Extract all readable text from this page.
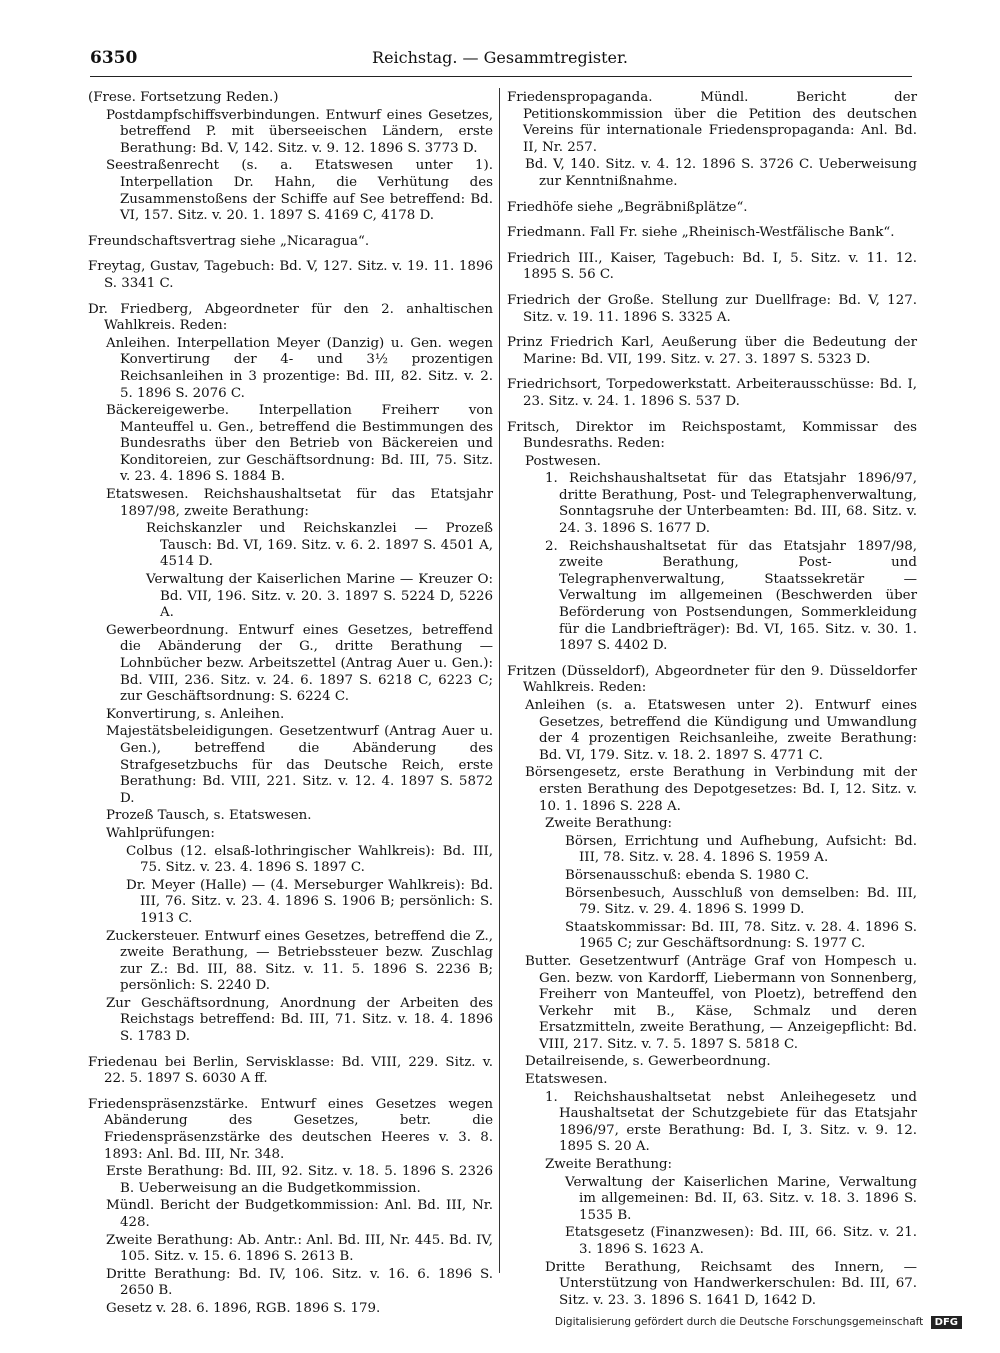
6350	Reichstag. — Gesammtregister.

(Frese. Fortsetzung Reden.)

Postdampfschiffsverbindungen. Entwurf eines Gesetzes, betreffend P. mit überseeischen Ländern, erste Berathung: Bd. V, 142. Sitz. v. 9. 12. 1896 S. 3773 D.

Seestraßenrecht (s. a. Etatswesen unter 1). Interpellation Dr. Hahn, die Verhütung des Zusammenstoßens der Schiffe auf See betreffend: Bd. VI, 157. Sitz. v. 20. 1. 1897 S. 4169 C, 4178 D.

Freundschaftsvertrag siehe „Nicaragua“.

Freytag, Gustav, Tagebuch: Bd. V, 127. Sitz. v. 19. 11. 1896 S. 3341 C.

Dr. Friedberg, Abgeordneter für den 2. anhaltischen Wahlkreis. Reden:

Anleihen. Interpellation Meyer (Danzig) u. Gen. wegen Konvertirung der 4- und 3½ prozentigen Reichsanleihen in 3 prozentige: Bd. III, 82. Sitz. v. 2. 5. 1896 S. 2076 C.

Bäckereigewerbe. Interpellation Freiherr von Manteuffel u. Gen., betreffend die Bestimmungen des Bundesraths über den Betrieb von Bäckereien und Konditoreien, zur Geschäftsordnung: Bd. III, 75. Sitz. v. 23. 4. 1896 S. 1884 B.

Etatswesen. Reichshaushaltsetat für das Etatsjahr 1897/98, zweite Berathung:

Reichskanzler und Reichskanzlei — Prozeß Tausch: Bd. VI, 169. Sitz. v. 6. 2. 1897 S. 4501 A, 4514 D.

Verwaltung der Kaiserlichen Marine — Kreuzer O: Bd. VII, 196. Sitz. v. 20. 3. 1897 S. 5224 D, 5226 A.

Gewerbeordnung. Entwurf eines Gesetzes, betreffend die Abänderung der G., dritte Berathung — Lohnbücher bezw. Arbeitszettel (Antrag Auer u. Gen.): Bd. VIII, 236. Sitz. v. 24. 6. 1897 S. 6218 C, 6223 C; zur Geschäftsordnung: S. 6224 C.

Konvertirung, s. Anleihen.

Majestätsbeleidigungen. Gesetzentwurf (Antrag Auer u. Gen.), betreffend die Abänderung des Strafgesetzbuchs für das Deutsche Reich, erste Berathung: Bd. VIII, 221. Sitz. v. 12. 4. 1897 S. 5872 D.

Prozeß Tausch, s. Etatswesen.

Wahlprüfungen:

Colbus (12. elsaß-lothringischer Wahlkreis): Bd. III, 75. Sitz. v. 23. 4. 1896 S. 1897 C.

Dr. Meyer (Halle) — (4. Merseburger Wahlkreis): Bd. III, 76. Sitz. v. 23. 4. 1896 S. 1906 B; persönlich: S. 1913 C.

Zuckersteuer. Entwurf eines Gesetzes, betreffend die Z., zweite Berathung, — Betriebssteuer bezw. Zuschlag zur Z.: Bd. III, 88. Sitz. v. 11. 5. 1896 S. 2236 B; persönlich: S. 2240 D.

Zur Geschäftsordnung, Anordnung der Arbeiten des Reichstags betreffend: Bd. III, 71. Sitz. v. 18. 4. 1896 S. 1783 D.

Friedenau bei Berlin, Servisklasse: Bd. VIII, 229. Sitz. v. 22. 5. 1897 S. 6030 A ff.

Friedenspräsenzstärke. Entwurf eines Gesetzes wegen Abänderung des Gesetzes, betr. die Friedenspräsenzstärke des deutschen Heeres v. 3. 8. 1893: Anl. Bd. III, Nr. 348.

Erste Berathung: Bd. III, 92. Sitz. v. 18. 5. 1896 S. 2326 B. Ueberweisung an die Budgetkommission.

Mündl. Bericht der Budgetkommission: Anl. Bd. III, Nr. 428.

Zweite Berathung: Ab. Antr.: Anl. Bd. III, Nr. 445. Bd. IV, 105. Sitz. v. 15. 6. 1896 S. 2613 B.

Dritte Berathung: Bd. IV, 106. Sitz. v. 16. 6. 1896 S. 2650 B.

Gesetz v. 28. 6. 1896, RGB. 1896 S. 179.

Friedenspropaganda. Mündl. Bericht der Petitionskommission über die Petition des deutschen Vereins für internationale Friedenspropaganda: Anl. Bd. II, Nr. 257.

Bd. V, 140. Sitz. v. 4. 12. 1896 S. 3726 C. Ueberweisung zur Kenntnißnahme.

Friedhöfe siehe „Begräbnißplätze“.

Friedmann. Fall Fr. siehe „Rheinisch-Westfälische Bank“.

Friedrich III., Kaiser, Tagebuch: Bd. I, 5. Sitz. v. 11. 12. 1895 S. 56 C.

Friedrich der Große. Stellung zur Duellfrage: Bd. V, 127. Sitz. v. 19. 11. 1896 S. 3325 A.

Prinz Friedrich Karl, Aeußerung über die Bedeutung der Marine: Bd. VII, 199. Sitz. v. 27. 3. 1897 S. 5323 D.

Friedrichsort, Torpedowerkstatt. Arbeiterausschüsse: Bd. I, 23. Sitz. v. 24. 1. 1896 S. 537 D.

Fritsch, Direktor im Reichspostamt, Kommissar des Bundesraths. Reden:

Postwesen.

1. Reichshaushaltsetat für das Etatsjahr 1896/97, dritte Berathung, Post- und Telegraphenverwaltung, Sonntagsruhe der Unterbeamten: Bd. III, 68. Sitz. v. 24. 3. 1896 S. 1677 D.

2. Reichshaushaltsetat für das Etatsjahr 1897/98, zweite Berathung, Post- und Telegraphenverwaltung, Staatssekretär — Verwaltung im allgemeinen (Beschwerden über Beförderung von Postsendungen, Sommerkleidung für die Landbriefträger): Bd. VI, 165. Sitz. v. 30. 1. 1897 S. 4402 D.

Fritzen (Düsseldorf), Abgeordneter für den 9. Düsseldorfer Wahlkreis. Reden:

Anleihen (s. a. Etatswesen unter 2). Entwurf eines Gesetzes, betreffend die Kündigung und Umwandlung der 4 prozentigen Reichsanleihe, zweite Berathung: Bd. VI, 179. Sitz. v. 18. 2. 1897 S. 4771 C.

Börsengesetz, erste Berathung in Verbindung mit der ersten Berathung des Depotgesetzes: Bd. I, 12. Sitz. v. 10. 1. 1896 S. 228 A.

Zweite Berathung:

Börsen, Errichtung und Aufhebung, Aufsicht: Bd. III, 78. Sitz. v. 28. 4. 1896 S. 1959 A.

Börsenausschuß: ebenda S. 1980 C.

Börsenbesuch, Ausschluß von demselben: Bd. III, 79. Sitz. v. 29. 4. 1896 S. 1999 D.

Staatskommissar: Bd. III, 78. Sitz. v. 28. 4. 1896 S. 1965 C; zur Geschäftsordnung: S. 1977 C.

Butter. Gesetzentwurf (Anträge Graf von Hompesch u. Gen. bezw. von Kardorff, Liebermann von Sonnenberg, Freiherr von Manteuffel, von Ploetz), betreffend den Verkehr mit B., Käse, Schmalz und deren Ersatzmitteln, zweite Berathung, — Anzeigepflicht: Bd. VIII, 217. Sitz. v. 7. 5. 1897 S. 5818 C.

Detailreisende, s. Gewerbeordnung.

Etatswesen.

1. Reichshaushaltsetat nebst Anleihegesetz und Haushaltsetat der Schutzgebiete für das Etatsjahr 1896/97, erste Berathung: Bd. I, 3. Sitz. v. 9. 12. 1895 S. 20 A.

Zweite Berathung:

Verwaltung der Kaiserlichen Marine, Verwaltung im allgemeinen: Bd. II, 63. Sitz. v. 18. 3. 1896 S. 1535 B.

Etatsgesetz (Finanzwesen): Bd. III, 66. Sitz. v. 21. 3. 1896 S. 1623 A.

Dritte Berathung, Reichsamt des Innern, — Unterstützung von Handwerkerschulen: Bd. III, 67. Sitz. v. 23. 3. 1896 S. 1641 D, 1642 D.

Digitalisierung gefördert durch die Deutsche Forschungsgemeinschaft DFG
